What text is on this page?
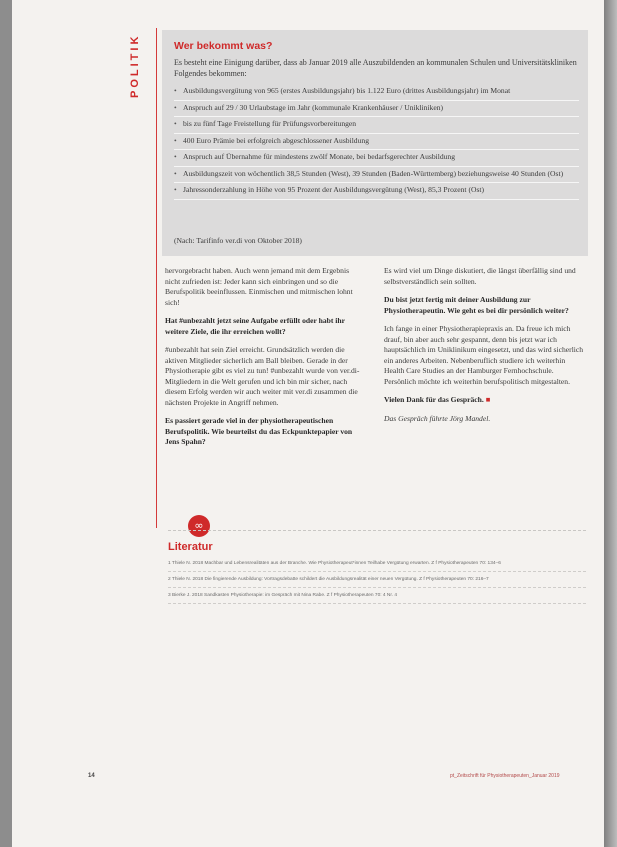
POLITIK	Wer bekommt was?
Es besteht eine Einigung darüber, dass ab Januar 2019 alle Auszubildenden an kommunalen Schulen und Universitätskliniken Folgendes bekommen:
• Ausbildungsvergütung von 965 (erstes Ausbildungsjahr) bis 1.122 Euro (drittes Ausbildungsjahr) im Monat
• Anspruch auf 29 / 30 Urlaubstage im Jahr (kommunale Krankenhäuser / Unikliniken)
• bis zu fünf Tage Freistellung für Prüfungsvorbereitungen
• 400 Euro Prämie bei erfolgreich abgeschlossener Ausbildung
• Anspruch auf Übernahme für mindestens zwölf Monate, bei bedarfsgerechter Ausbildung
• Ausbildungszeit von wöchentlich 38,5 Stunden (West), 39 Stunden (Baden-Württemberg) beziehungsweise 40 Stunden (Ost)
• Jahressonderzahlung in Höhe von 95 Prozent der Ausbildungsvergütung (West), 85,3 Prozent (Ost)
(Nach: Tarifinfo ver.di von Oktober 2018)

hervorgebracht haben. Auch wenn jemand mit dem Ergebnis nicht zufrieden ist: Jeder kann sich einbringen und so die Berufspolitik beeinflussen. Einmischen und mitmischen lohnt sich!

Hat #unbezahlt jetzt seine Aufgabe erfüllt oder habt ihr weitere Ziele, die ihr erreichen wollt?

#unbezahlt hat sein Ziel erreicht. Grundsätzlich werden die aktiven Mitglieder sicherlich am Ball bleiben. Gerade in der Physiotherapie gibt es viel zu tun! #unbezahlt wurde von ver.di-Mitgliedern in die Welt gerufen und ich bin mir sicher, nach diesem Erfolg werden wir auch weiter mit ver.di zusammen die nächsten Projekte in Angriff nehmen.

Es passiert gerade viel in der physiotherapeutischen Berufspolitik. Wie beurteilst du das Eckpunktepapier von Jens Spahn?

Es wird viel um Dinge diskutiert, die längst überfällig sind und selbstverständlich sein sollten.

Du bist jetzt fertig mit deiner Ausbildung zur Physiotherapeutin. Wie geht es bei dir persönlich weiter?

Ich fange in einer Physiotherapiepraxis an. Da freue ich mich drauf, bin aber auch sehr gespannt, denn bis jetzt war ich hauptsächlich im Uniklinikum eingesetzt, und das wird sicherlich ein anderes Arbeiten. Nebenberuflich studiere ich weiterhin Health Care Studies an der Hamburger Fernhochschule. Persönlich möchte ich weiterhin berufspolitisch mitgestalten.

Vielen Dank für das Gespräch. ■

Das Gespräch führte Jörg Mandel.

∞
Literatur
1 Thiele N. 2018 Machbar und Lebensrealitäten aus der Branche. Wie Physiotherapeut*innen Teilhabe Vergütung erwarten. Z f Physiotherapeuten 70: 134–6
2 Thiele N. 2018 Die fingierende Ausbildung: Vortragsdebatte schildert die Ausbildungsrealität einer neuen Vergütung. Z f Physiotherapeuten 70: 216–7
3 Bierke J. 2018 Sandkasten Physiotherapie: im Gespräch mit Nina Rabe. Z f Physiotherapeuten 70: 4 Nr. 4
14	pt_Zeitschrift für Physiotherapeuten_Januar 2019
